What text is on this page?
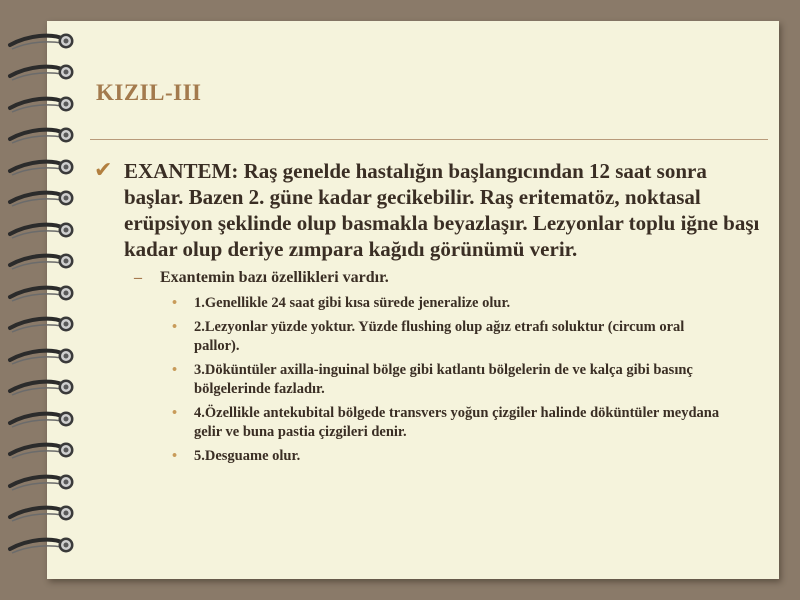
KIZIL-III
✔ EXANTEM: Raş genelde hastalığın başlangıcından 12 saat sonra başlar. Bazen 2. güne kadar gecikebilir. Raş eritematöz, noktasal erüpsiyon şeklinde olup basmakla beyazlaşır. Lezyonlar toplu iğne başı kadar olup deriye zımpara kağıdı görünümü verir.
–	Exantemin bazı özellikleri vardır.
•	1.Genellikle 24 saat gibi kısa sürede jeneralize olur.
•	2.Lezyonlar yüzde yoktur. Yüzde flushing olup ağız etrafı soluktur (circum oral pallor).
•	3.Döküntüler axilla-inguinal bölge gibi katlantı bölgelerin de ve kalça gibi basınç bölgelerinde fazladır.
•	4.Özellikle antekubital bölgede transvers yoğun çizgiler halinde döküntüler meydana gelir ve buna pastia çizgileri denir.
•	5.Desguame olur.
